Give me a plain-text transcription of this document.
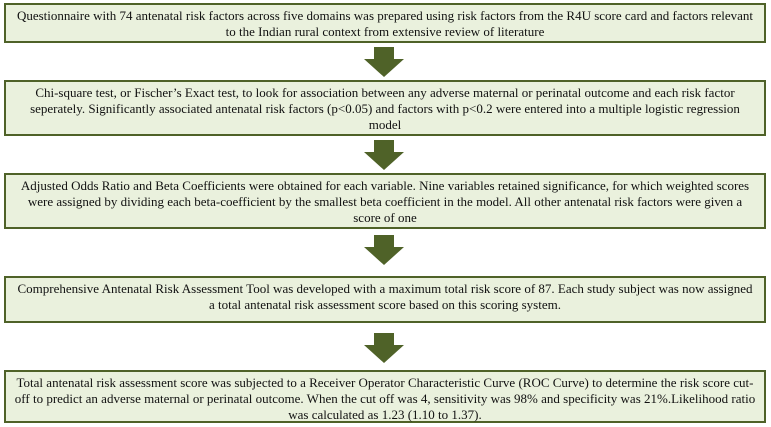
Questionnaire with 74 antenatal risk factors across five domains was prepared using risk factors from the R4U score card and factors relevant to the Indian rural context from extensive review of literature
Chi-square test, or Fischer’s Exact test, to look for association between any adverse maternal or perinatal outcome and each risk factor seperately. Significantly associated antenatal risk factors (p<0.05) and factors with p<0.2 were entered into a multiple logistic regression model
Adjusted Odds Ratio and Beta Coefficients were obtained for each variable. Nine variables retained significance, for which weighted scores were assigned by dividing each beta-coefficient by the smallest beta coefficient in the model. All other antenatal risk factors were given a score of one
Comprehensive Antenatal Risk Assessment Tool was developed with a maximum total risk score of 87. Each study subject was now assigned a total antenatal risk assessment score based on this scoring system.
Total antenatal risk assessment score was subjected to a Receiver Operator Characteristic Curve (ROC Curve) to determine the risk score cut-off to predict an adverse maternal or perinatal outcome. When the cut off was 4, sensitivity was 98% and specificity was 21%.Likelihood ratio was calculated as 1.23 (1.10 to 1.37).
